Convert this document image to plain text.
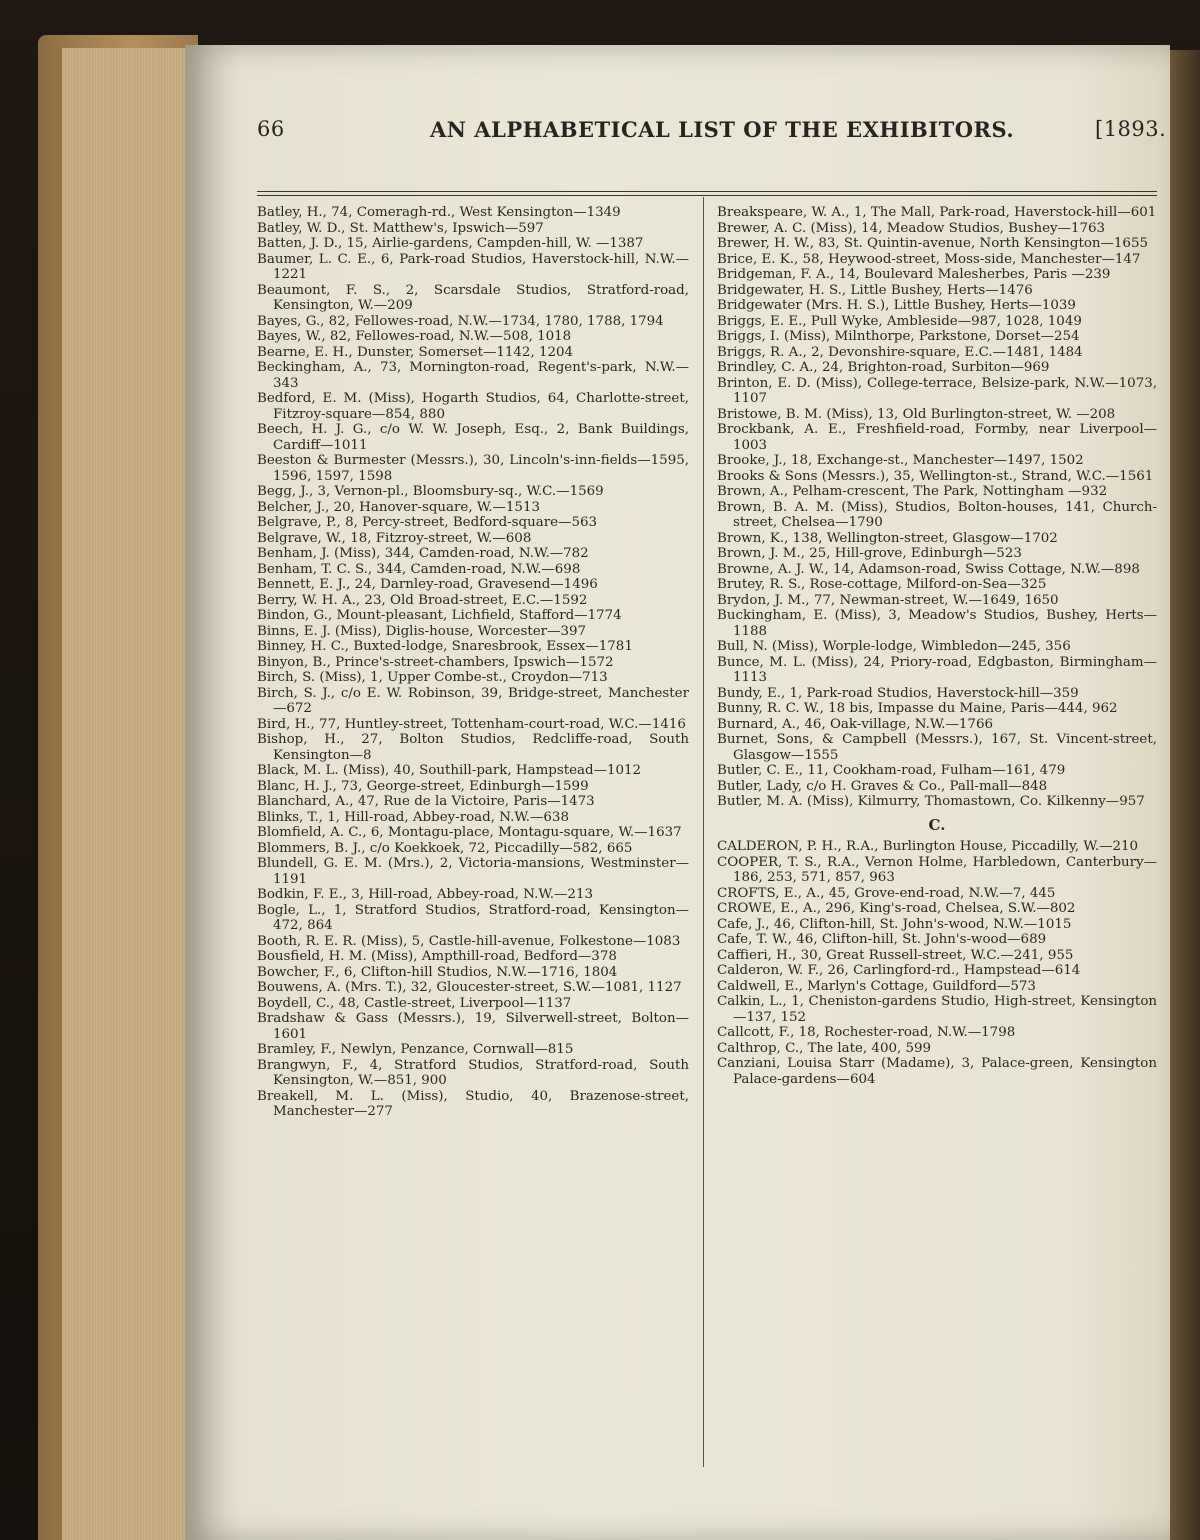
66	AN ALPHABETICAL LIST OF THE EXHIBITORS.	[1893.

Batley, H., 74, Comeragh-rd., West Kensington—1349

Batley, W. D., St. Matthew's, Ipswich—597

Batten, J. D., 15, Airlie-gardens, Campden-hill, W. —1387

Baumer, L. C. E., 6, Park-road Studios, Haverstock-hill, N.W.—1221

Beaumont, F. S., 2, Scarsdale Studios, Stratford-road, Kensington, W.—209

Bayes, G., 82, Fellowes-road, N.W.—1734, 1780, 1788, 1794

Bayes, W., 82, Fellowes-road, N.W.—508, 1018

Bearne, E. H., Dunster, Somerset—1142, 1204

Beckingham, A., 73, Mornington-road, Regent's-park, N.W.—343

Bedford, E. M. (Miss), Hogarth Studios, 64, Charlotte-street, Fitzroy-square—854, 880

Beech, H. J. G., c/o W. W. Joseph, Esq., 2, Bank Buildings, Cardiff—1011

Beeston & Burmester (Messrs.), 30, Lincoln's-inn-fields—1595, 1596, 1597, 1598

Begg, J., 3, Vernon-pl., Bloomsbury-sq., W.C.—1569

Belcher, J., 20, Hanover-square, W.—1513

Belgrave, P., 8, Percy-street, Bedford-square—563

Belgrave, W., 18, Fitzroy-street, W.—608

Benham, J. (Miss), 344, Camden-road, N.W.—782

Benham, T. C. S., 344, Camden-road, N.W.—698

Bennett, E. J., 24, Darnley-road, Gravesend—1496

Berry, W. H. A., 23, Old Broad-street, E.C.—1592

Bindon, G., Mount-pleasant, Lichfield, Stafford—1774

Binns, E. J. (Miss), Diglis-house, Worcester—397

Binney, H. C., Buxted-lodge, Snaresbrook, Essex—1781

Binyon, B., Prince's-street-chambers, Ipswich—1572

Birch, S. (Miss), 1, Upper Combe-st., Croydon—713

Birch, S. J., c/o E. W. Robinson, 39, Bridge-street, Manchester—672

Bird, H., 77, Huntley-street, Tottenham-court-road, W.C.—1416

Bishop, H., 27, Bolton Studios, Redcliffe-road, South Kensington—8

Black, M. L. (Miss), 40, Southill-park, Hampstead—1012

Blanc, H. J., 73, George-street, Edinburgh—1599

Blanchard, A., 47, Rue de la Victoire, Paris—1473

Blinks, T., 1, Hill-road, Abbey-road, N.W.—638

Blomfield, A. C., 6, Montagu-place, Montagu-square, W.—1637

Blommers, B. J., c/o Koekkoek, 72, Piccadilly—582, 665

Blundell, G. E. M. (Mrs.), 2, Victoria-mansions, Westminster—1191

Bodkin, F. E., 3, Hill-road, Abbey-road, N.W.—213

Bogle, L., 1, Stratford Studios, Stratford-road, Kensington—472, 864

Booth, R. E. R. (Miss), 5, Castle-hill-avenue, Folkestone—1083

Bousfield, H. M. (Miss), Ampthill-road, Bedford—378

Bowcher, F., 6, Clifton-hill Studios, N.W.—1716, 1804

Bouwens, A. (Mrs. T.), 32, Gloucester-street, S.W.—1081, 1127

Boydell, C., 48, Castle-street, Liverpool—1137

Bradshaw & Gass (Messrs.), 19, Silverwell-street, Bolton—1601

Bramley, F., Newlyn, Penzance, Cornwall—815

Brangwyn, F., 4, Stratford Studios, Stratford-road, South Kensington, W.—851, 900

Breakell, M. L. (Miss), Studio, 40, Brazenose-street, Manchester—277

Breakspeare, W. A., 1, The Mall, Park-road, Haverstock-hill—601

Brewer, A. C. (Miss), 14, Meadow Studios, Bushey—1763

Brewer, H. W., 83, St. Quintin-avenue, North Kensington—1655

Brice, E. K., 58, Heywood-street, Moss-side, Manchester—147

Bridgeman, F. A., 14, Boulevard Malesherbes, Paris —239

Bridgewater, H. S., Little Bushey, Herts—1476

Bridgewater (Mrs. H. S.), Little Bushey, Herts—1039

Briggs, E. E., Pull Wyke, Ambleside—987, 1028, 1049

Briggs, I. (Miss), Milnthorpe, Parkstone, Dorset—254

Briggs, R. A., 2, Devonshire-square, E.C.—1481, 1484

Brindley, C. A., 24, Brighton-road, Surbiton—969

Brinton, E. D. (Miss), College-terrace, Belsize-park, N.W.—1073, 1107

Bristowe, B. M. (Miss), 13, Old Burlington-street, W. —208

Brockbank, A. E., Freshfield-road, Formby, near Liverpool—1003

Brooke, J., 18, Exchange-st., Manchester—1497, 1502

Brooks & Sons (Messrs.), 35, Wellington-st., Strand, W.C.—1561

Brown, A., Pelham-crescent, The Park, Nottingham —932

Brown, B. A. M. (Miss), Studios, Bolton-houses, 141, Church-street, Chelsea—1790

Brown, K., 138, Wellington-street, Glasgow—1702

Brown, J. M., 25, Hill-grove, Edinburgh—523

Browne, A. J. W., 14, Adamson-road, Swiss Cottage, N.W.—898

Brutey, R. S., Rose-cottage, Milford-on-Sea—325

Brydon, J. M., 77, Newman-street, W.—1649, 1650

Buckingham, E. (Miss), 3, Meadow's Studios, Bushey, Herts—1188

Bull, N. (Miss), Worple-lodge, Wimbledon—245, 356

Bunce, M. L. (Miss), 24, Priory-road, Edgbaston, Birmingham—1113

Bundy, E., 1, Park-road Studios, Haverstock-hill—359

Bunny, R. C. W., 18 bis, Impasse du Maine, Paris—444, 962

Burnard, A., 46, Oak-village, N.W.—1766

Burnet, Sons, & Campbell (Messrs.), 167, St. Vincent-street, Glasgow—1555

Butler, C. E., 11, Cookham-road, Fulham—161, 479

Butler, Lady, c/o H. Graves & Co., Pall-mall—848

Butler, M. A. (Miss), Kilmurry, Thomastown, Co. Kilkenny—957

C.

CALDERON, P. H., R.A., Burlington House, Piccadilly, W.—210

COOPER, T. S., R.A., Vernon Holme, Harbledown, Canterbury—186, 253, 571, 857, 963

CROFTS, E., A., 45, Grove-end-road, N.W.—7, 445

CROWE, E., A., 296, King's-road, Chelsea, S.W.—802

Cafe, J., 46, Clifton-hill, St. John's-wood, N.W.—1015

Cafe, T. W., 46, Clifton-hill, St. John's-wood—689

Caffieri, H., 30, Great Russell-street, W.C.—241, 955

Calderon, W. F., 26, Carlingford-rd., Hampstead—614

Caldwell, E., Marlyn's Cottage, Guildford—573

Calkin, L., 1, Cheniston-gardens Studio, High-street, Kensington—137, 152

Callcott, F., 18, Rochester-road, N.W.—1798

Calthrop, C., The late, 400, 599

Canziani, Louisa Starr (Madame), 3, Palace-green, Kensington Palace-gardens—604
